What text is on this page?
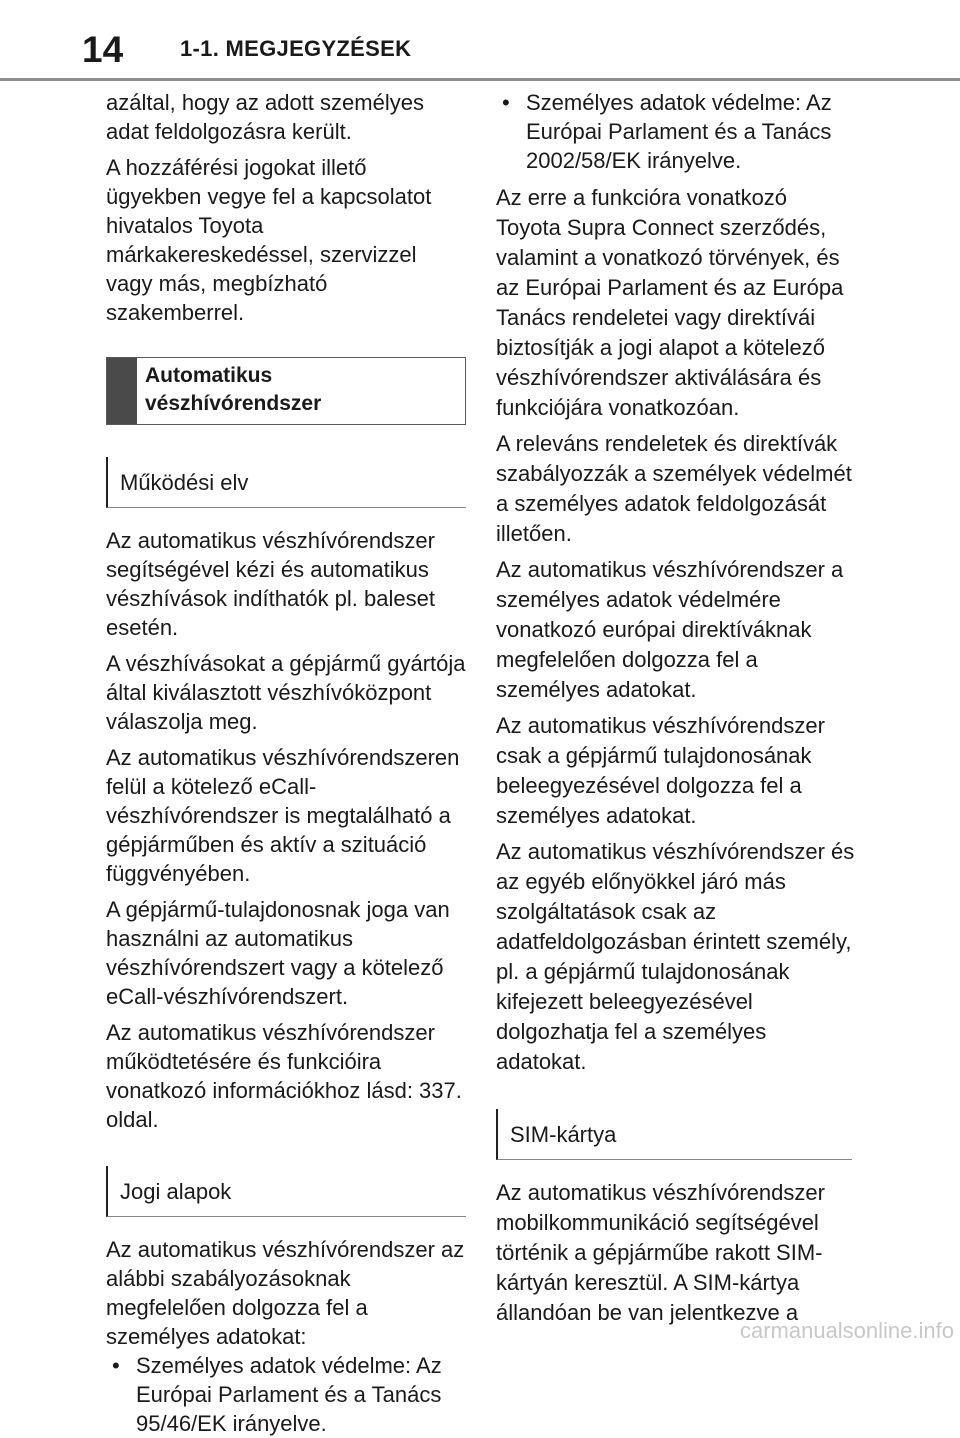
14	1-1. MEGJEGYZÉSEK

azáltal, hogy az adott személyes adat feldolgozásra került.

A hozzáférési jogokat illető ügyekben vegye fel a kapcsolatot hivatalos Toyota márkakereskedéssel, szervizzel vagy más, megbízható szakemberrel.

Automatikus
vészhívórendszer
Működési elv

Az automatikus vészhívórendszer segítségével kézi és automatikus vészhívások indíthatók pl. baleset esetén.

A vészhívásokat a gépjármű gyártója által kiválasztott vészhívóközpont válaszolja meg.

Az automatikus vészhívórendszeren felül a kötelező eCall-vészhívórendszer is megtalálható a gépjárműben és aktív a szituáció függvényében.

A gépjármű-tulajdonosnak joga van használni az automatikus vészhívórendszert vagy a kötelező eCall-vészhívórendszert.

Az automatikus vészhívórendszer működtetésére és funkcióira vonatkozó információkhoz lásd: 337. oldal.

Jogi alapok

Az automatikus vészhívórendszer az alábbi szabályozásoknak megfelelően dolgozza fel a személyes adatokat:

• Személyes adatok védelme: Az Európai Parlament és a Tanács 95/46/EK irányelve.
• Személyes adatok védelme: Az Európai Parlament és a Tanács 2002/58/EK irányelve.

Az erre a funkcióra vonatkozó Toyota Supra Connect szerződés, valamint a vonatkozó törvények, és az Európai Parlament és az Európa Tanács rendeletei vagy direktívái biztosítják a jogi alapot a kötelező vészhívórendszer aktiválására és funkciójára vonatkozóan.

A releváns rendeletek és direktívák szabályozzák a személyek védelmét a személyes adatok feldolgozását illetően.

Az automatikus vészhívórendszer a személyes adatok védelmére vonatkozó európai direktíváknak megfelelően dolgozza fel a személyes adatokat.

Az automatikus vészhívórendszer csak a gépjármű tulajdonosának beleegyezésével dolgozza fel a személyes adatokat.

Az automatikus vészhívórendszer és az egyéb előnyökkel járó más szolgáltatások csak az adatfeldolgozásban érintett személy, pl. a gépjármű tulajdonosának kifejezett beleegyezésével dolgozhatja fel a személyes adatokat.

SIM-kártya

Az automatikus vészhívórendszer mobilkommunikáció segítségével történik a gépjárműbe rakott SIM-kártyán keresztül. A SIM-kártya állandóan be van jelentkezve a

carmanualsonline.info
